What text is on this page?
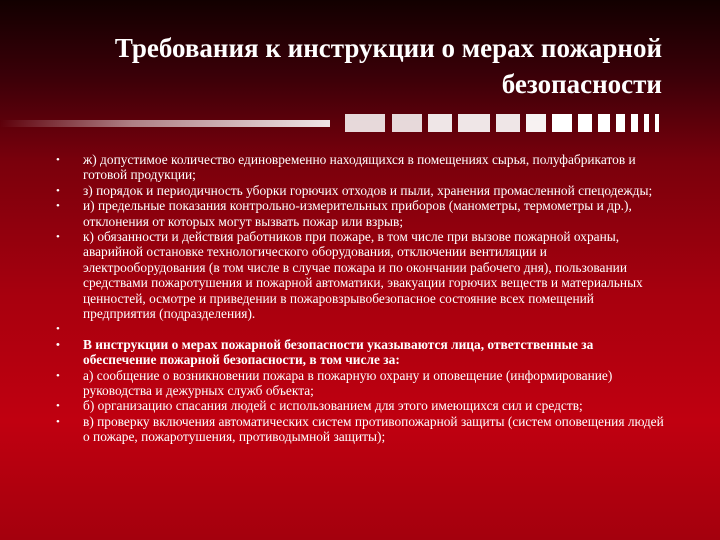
Требования к инструкции о мерах пожарной
безопасности
• ж) допустимое количество единовременно находящихся в помещениях сырья, полуфабрикатов и готовой продукции;
• з) порядок и периодичность уборки горючих отходов и пыли, хранения промасленной спецодежды;
• и) предельные показания контрольно-измерительных приборов (манометры, термометры и др.), отклонения от которых могут вызвать пожар или взрыв;
• к) обязанности и действия работников при пожаре, в том числе при вызове пожарной охраны, аварийной остановке технологического оборудования, отключении вентиляции и электрооборудования (в том числе в случае пожара и по окончании рабочего дня), пользовании средствами пожаротушения и пожарной автоматики, эвакуации горючих веществ и материальных ценностей, осмотре и приведении в пожаровзрывобезопасное состояние всех помещений предприятия (подразделения).
•
• В инструкции о мерах пожарной безопасности указываются лица, ответственные за обеспечение пожарной безопасности, в том числе за:
• а) сообщение о возникновении пожара в пожарную охрану и оповещение (информирование) руководства и дежурных служб объекта;
• б) организацию спасания людей с использованием для этого имеющихся сил и средств;
• в) проверку включения автоматических систем противопожарной защиты (систем оповещения людей о пожаре, пожаротушения, противодымной защиты);
